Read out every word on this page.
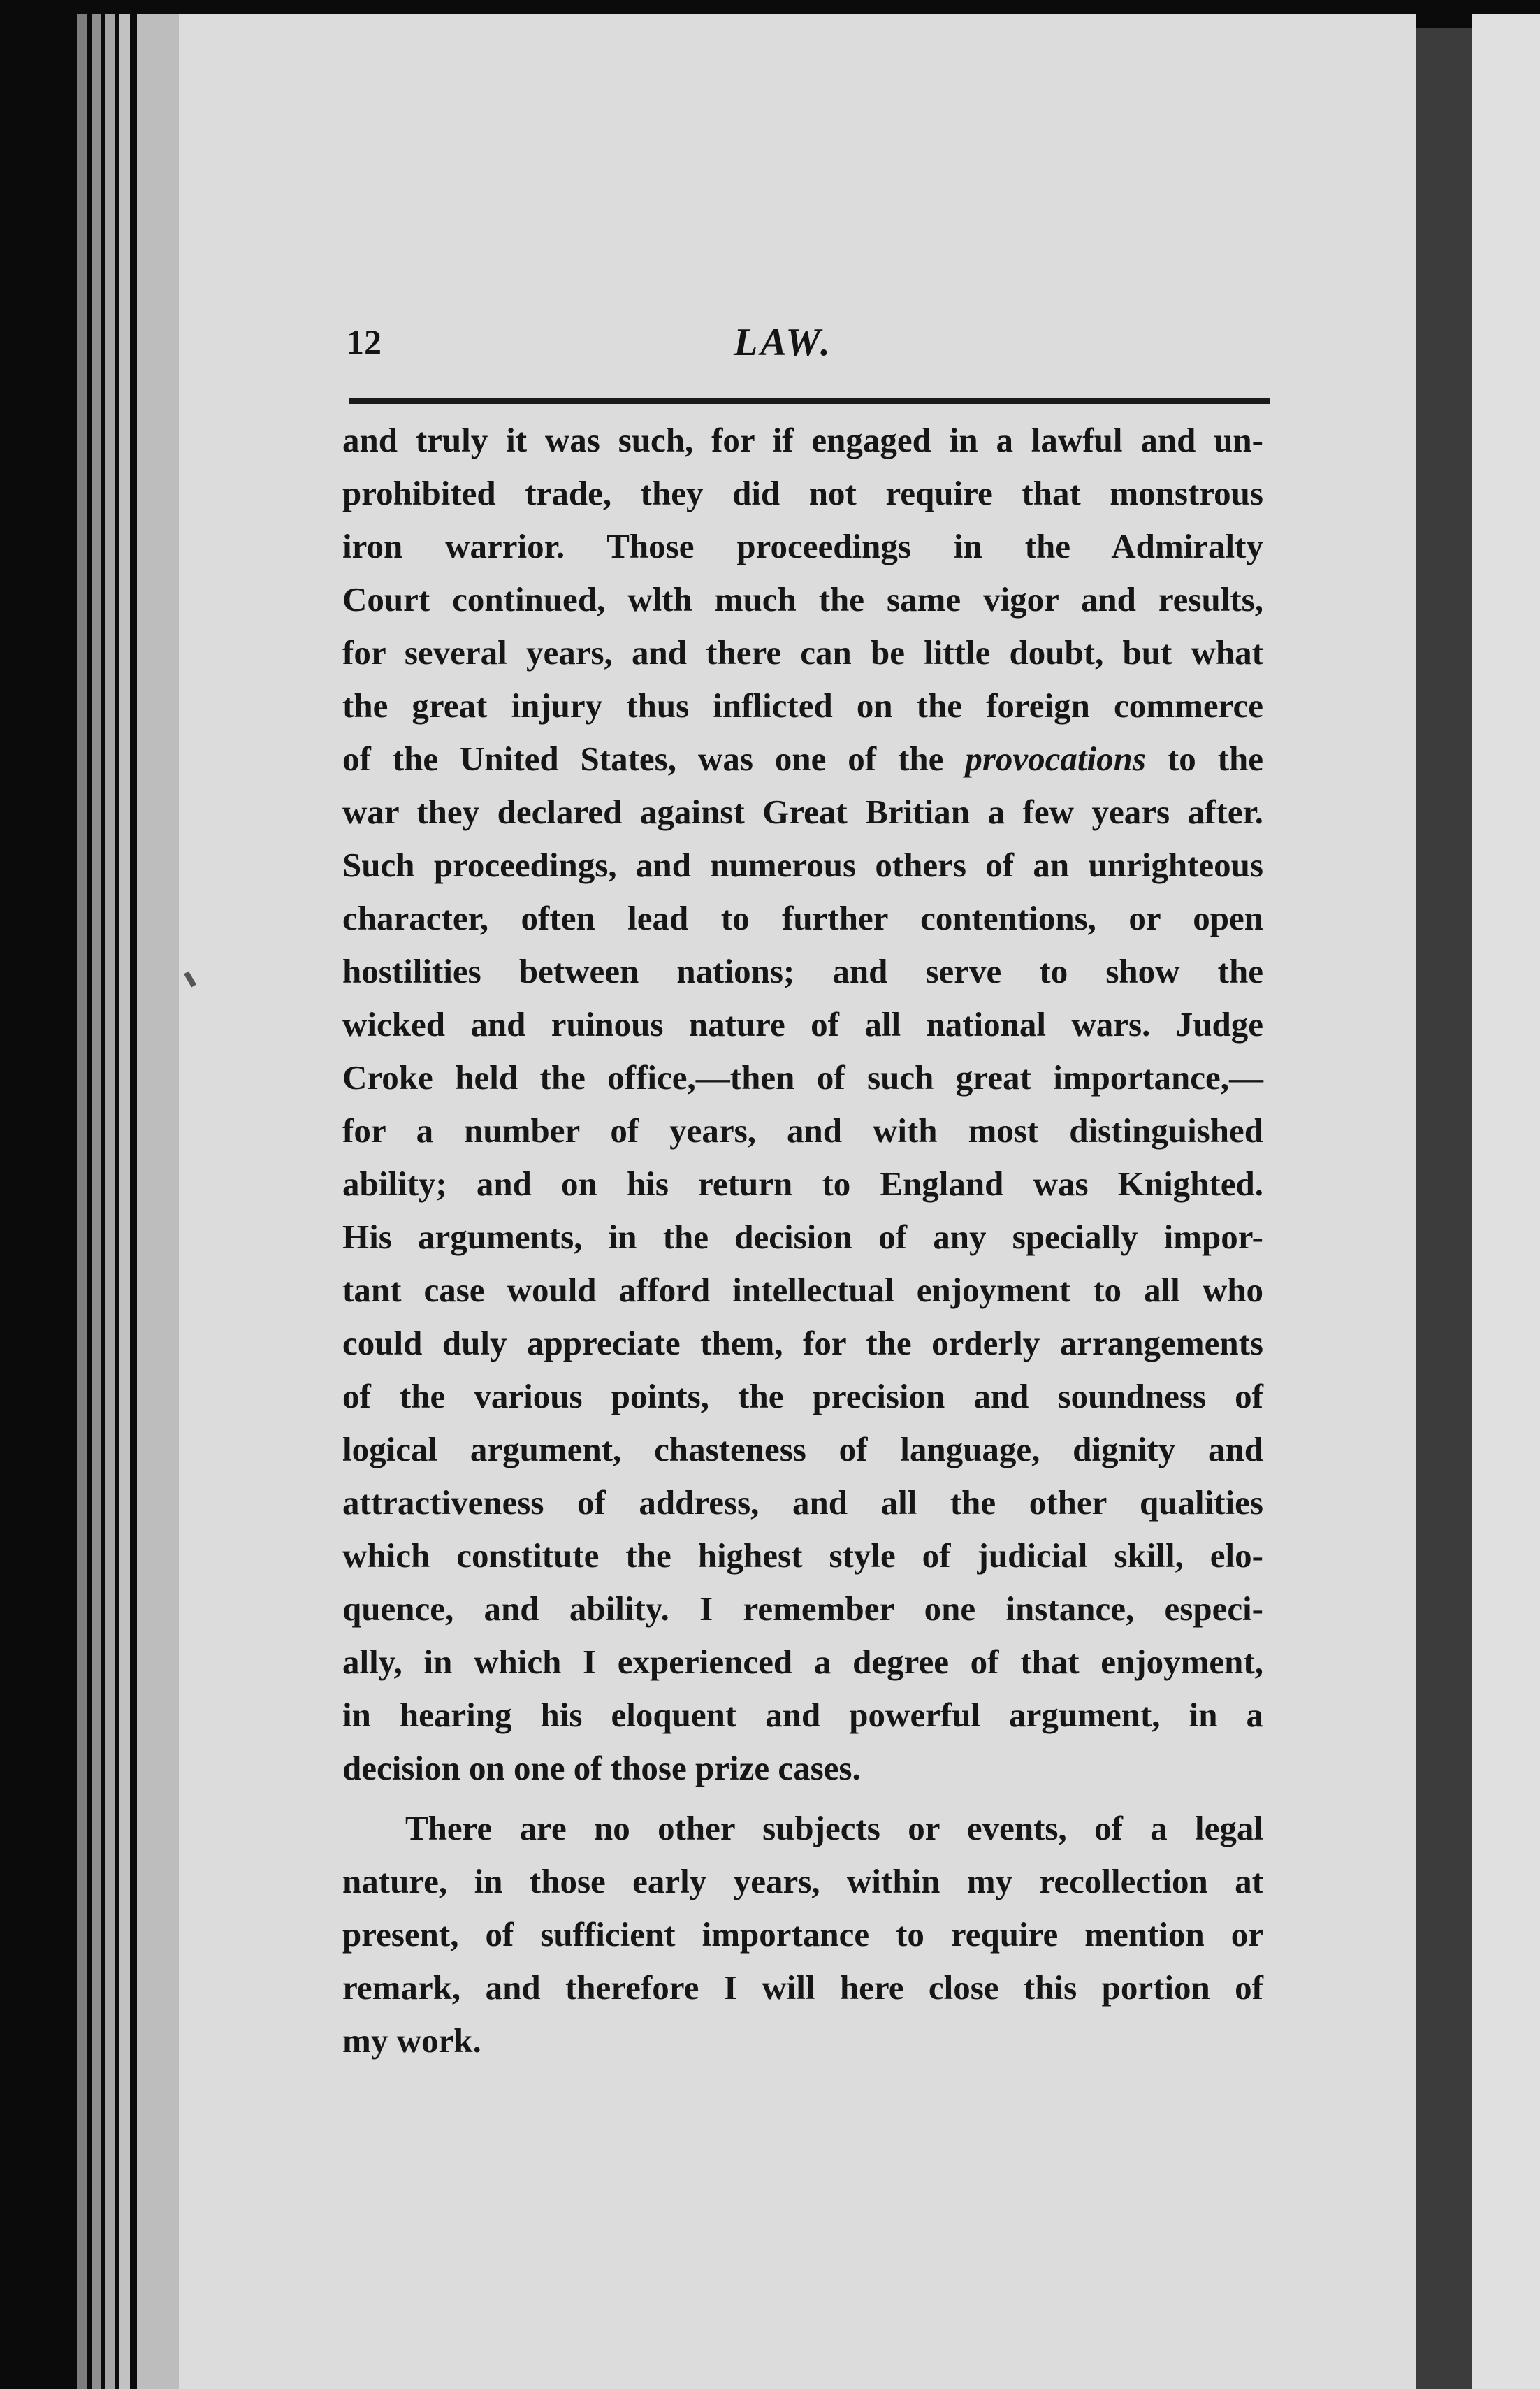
12	LAW.
and truly it was such, for if engaged in a lawful and un-
prohibited trade, they did not require that monstrous
iron warrior. Those proceedings in the Admiralty
Court continued, wlth much the same vigor and results,
for several years, and there can be little doubt, but what
the great injury thus inflicted on the foreign commerce
of the United States, was one of the provocations to the
war they declared against Great Britian a few years after.
Such proceedings, and numerous others of an unrighteous
character, often lead to further contentions, or open
hostilities between nations; and serve to show the
wicked and ruinous nature of all national wars. Judge
Croke held the office,—then of such great importance,—
for a number of years, and with most distinguished
ability; and on his return to England was Knighted.
His arguments, in the decision of any specially impor-
tant case would afford intellectual enjoyment to all who
could duly appreciate them, for the orderly arrangements
of the various points, the precision and soundness of
logical argument, chasteness of language, dignity and
attractiveness of address, and all the other qualities
which constitute the highest style of judicial skill, elo-
quence, and ability. I remember one instance, especi-
ally, in which I experienced a degree of that enjoyment,
in hearing his eloquent and powerful argument, in a
decision on one of those prize cases.
There are no other subjects or events, of a legal
nature, in those early years, within my recollection at
present, of sufficient importance to require mention or
remark, and therefore I will here close this portion of
my work.
